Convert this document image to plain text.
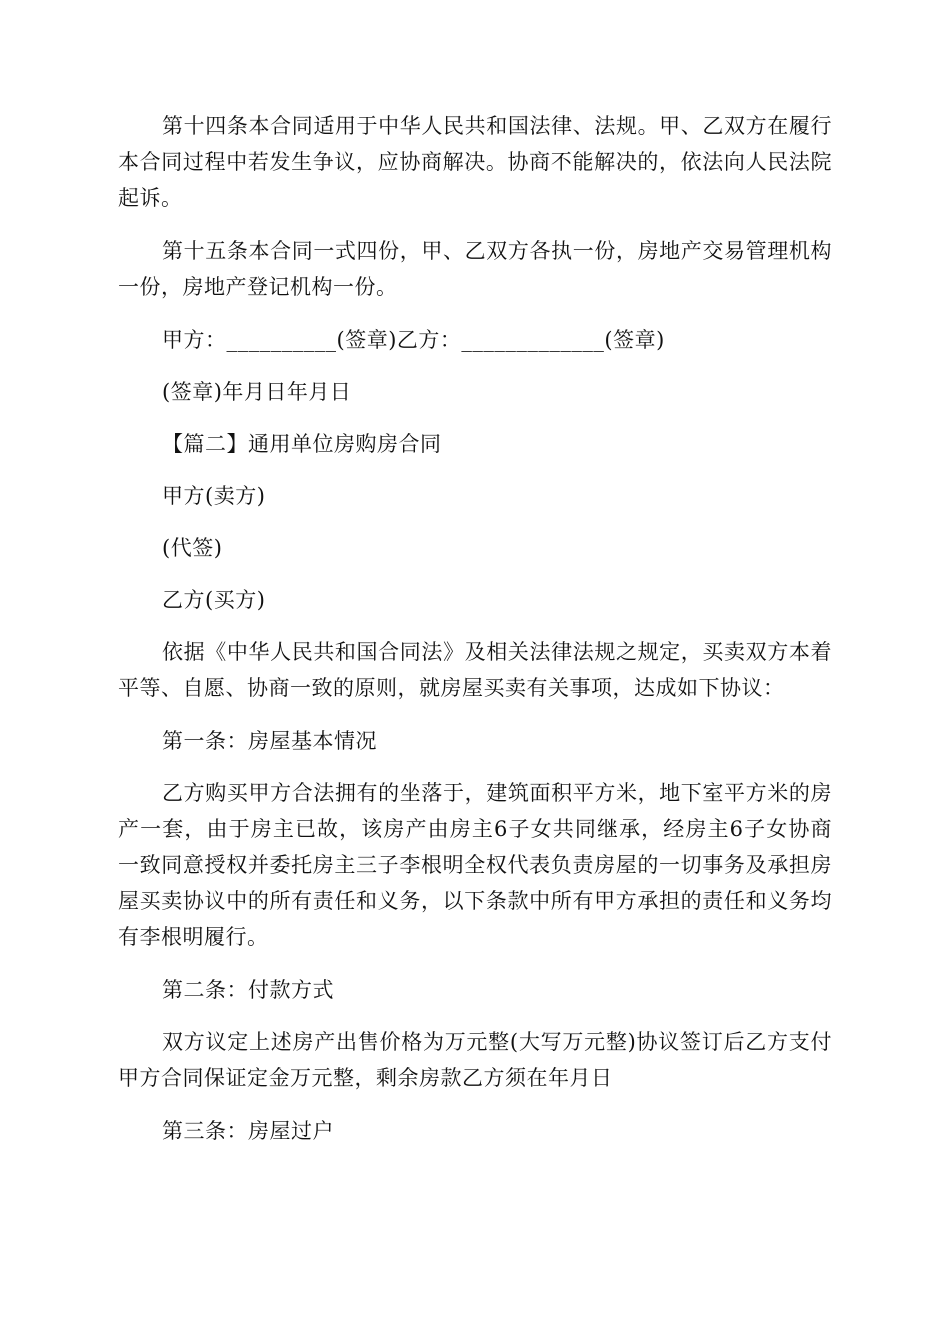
第十四条本合同适用于中华人民共和国法律、法规。甲、乙双方在履行本合同过程中若发生争议，应协商解决。协商不能解决的，依法向人民法院起诉。

第十五条本合同一式四份，甲、乙双方各执一份，房地产交易管理机构一份，房地产登记机构一份。

甲方：__________(签章)乙方：_____________(签章)

(签章)年月日年月日

【篇二】通用单位房购房合同

甲方(卖方)

(代签)

乙方(买方)

依据《中华人民共和国合同法》及相关法律法规之规定，买卖双方本着平等、自愿、协商一致的原则，就房屋买卖有关事项，达成如下协议：

第一条：房屋基本情况

乙方购买甲方合法拥有的坐落于，建筑面积平方米，地下室平方米的房产一套，由于房主已故，该房产由房主6子女共同继承，经房主6子女协商一致同意授权并委托房主三子李根明全权代表负责房屋的一切事务及承担房屋买卖协议中的所有责任和义务，以下条款中所有甲方承担的责任和义务均有李根明履行。

第二条：付款方式

双方议定上述房产出售价格为万元整(大写万元整)协议签订后乙方支付甲方合同保证定金万元整，剩余房款乙方须在年月日

第三条：房屋过户
